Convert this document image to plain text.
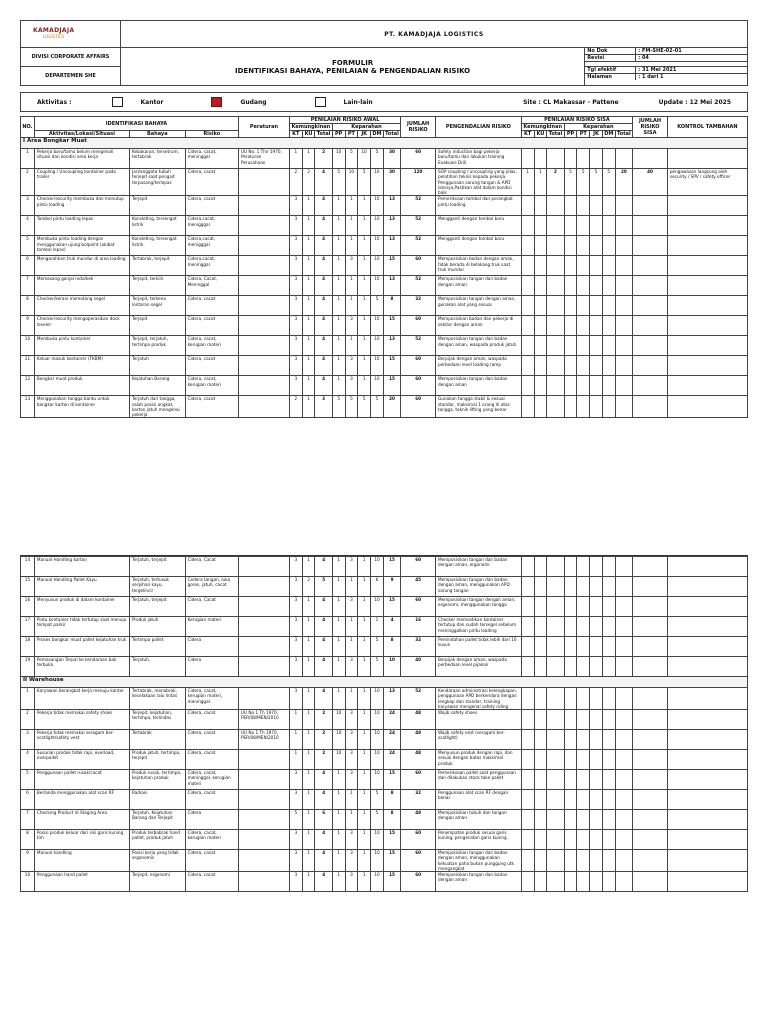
KAMADJAJA
LOGISTICS	PT. KAMADJAJA LOGISTICS
DIVISI CORPORATE AFFAIRS	
FORMULIR
IDENTIFIKASI BAHAYA, PENILAIAN & PENGENDALIAN RISIKO

No Dok	: FM-SHE-02-01
Revisi	: 04

DEPARTEMEN SHE	
Tgl efektif	: 31 Mei 2021
Halaman	: 1 dari 1
Aktivitas :	Kantor	Gudang	Lain-lain	Site : CL Makassar - Pattene	Update : 12 Mei 2025
NO.	IDENTIFIKASI BAHAYA			Peraturan	PENILAIAN RISIKO AWAL								JUMLAH RISIKO	PENGENDALIAN RISIKO	PENILAIAN RISIKO SISA								JUMLAH RISIKO SISA	KONTROL TAMBAHAN
					Kemungkinan			Keparahan							Kemungkinan			Keparahan						
	Aktivitas/Lokasi/Situasi	Bahaya	Risiko		KT	KU	Total	PP	PT	JK	DM	Total			KT	KU	Total	PP	PT	JK	DM	Total		
I Area Bongkar Muat																								
1	Pekerja baru/tamu belum mengenali situasi dan kondisi area kerja	Kebakaran, tersetrum, tertabrak	Cidera, cacat, meninggal	UU No. 1 Thn 1970, Peraturan Perusahaan	1	1	2	10	5	10	5	30	60	Safety induction bagi pekerja baru/tamu dan lakukan training Evakuasi Drill										
2	Coupling / Uncoupling kontainer pada trailer	Jari/anggota tubuh terjepit saat pengait terpasang/terlepas	Cidera, cacat		2	2	4	5	10	5	10	30	120	SOP coupling / uncoupling yang jelas, pelatihan teknis kepada pekerja. Penggunaan sarung tangan & APD lainnya,Pastikan alat dalam kondisi baik	1	1	2	5	5	5	5	20	40	pengawasan langsung oleh security / SPV / safety officer
3	Checker/security membuka dan menutup pintu loading	Terjepit	Cidera, cacat		3	1	4	1	1	1	10	13	52	Pemeriksaan tombol dan perangkat pintu loading										
4	Tombol pintu loading lepas	Konsleting, tersengat listrik	Cidera,cacat, menigggal		3	1	4	1	1	1	10	13	52	Mengganti dengan tombol baru										
5	Membuka pintu loading dengan menggunakan ujung bolpoint (akibat tombol lepas)	Konsleting, tersengat listrik	Cidera,cacat, menigggal		3	1	4	1	1	1	10	13	52	Mengganti dengan tombol baru										
6	Mengarahkan truk mundur di area loading	Tertabrak, terjepit	Cidera,cacat, meninggal		3	1	4	1	3	1	10	15	60	Memposisikan badan dengan aman, tidak berada di belakang truk saat truk mundur										
7	Memasang ganjal roda/kek	Terjepit, terkilir	Cidera, Cacat, Meninggal		3	1	4	1	1	1	10	13	52	Memposisikan tangan dan badan dengan aman										
8	Checker/kerani memotong segel	Terjepit, terkena lontaran segel	Cidera, cacat		3	1	4	1	1	1	5	8	32	Memposisikan tangan dengan aman, gunakan alat yang sesuai										
9	Checker/security mengoperasikan dock leveler	Terjepit	Cidera, cacat		3	1	4	1	3	1	10	15	60	Memposisikan badan dan pekerja di sekitar dengan aman										
10	Membuka pintu kontainer	Terjepit, terjatuh, tertimpa produk	Cidera, cacat, kerugian materi		3	1	4	1	1	1	10	13	52	Memposisikan tangan dan badan dengan aman, waspada produk jatuh										
11	Keluar masuk kontainer (TKBM)	Terjatuh	Cidera, cacat		3	1	4	1	3	1	10	15	60	Berpijak dengan aman, waspada perbedaan level loading ramp										
12	Bongkar muat produk	Kejatuhan Barang	Cidera, cacat, kerugian materi		3	1	4	1	3	1	10	15	60	Memposisikan tangan dan badan dengan aman										
13	Menggunakan tangga bantu untuk bongkar karton di kontainer	Terjatuh dari tangga, salah posisi angkat, karton jatuh mengenai pekerja	Cidera, cacat		2	1	3	5	5	5	5	20	60	Gunakan tangga stabil & sesuai standar, maksimal 1 orang di atas tangga, teknik lifting yang benar										
14	Manual Handling karton	Terjatuh, terjepit	Cidera, Cacat		3	1	4	1	3	1	10	15	60	Memposisikan tangan dan badan dengan aman, ergonomi										
15	Manual Handling Pallet Kayu	Terjatuh, tertusuk serpihan kayu, tergelincir	Cedera tangan, luka gores, jatuh, cacat		3	2	5	1	1	1	6	9	45	Memposisikan tangan dan badan dengan aman, menggunakan APD sarung tangan										
16	Menyusun produk di dalam kontainer	Terjatuh, terjepit	Cidera, Cacat		3	1	4	1	3	1	10	15	60	Memposisikan tangan dengan aman, ergonomi, menggunakan tangga										
17	Pintu kontainer tidak tertutup saat menuju tempat parkir	Produk jatuh	Kerugian materi		3	1	4	1	1	1	1	4	16	Checker memastikan kontainer tertutup dan sudah tersegel sebelum meninggalkan pintu loading										
18	Proses bongkar muat pallet kejatuhan truk	Tertimpa pallet	Cidera		3	1	4	1	1	1	5	8	32	Pemindahan pallet tidak lebih dari 10 susun										
19	Pemasangan Terpal ke kendaraan bak terbuka	Terjatuh,	Cidera		3	1	4	1	3	1	5	10	40	Berpijak dengan aman, waspada perbedaan level pijakan										
II Warehouse																								
1	Karyawan berangkat kerja menuju kantor	Tertabrak, menabrak, kecelakaan lalu lintas	Cidera, cacat, kerugian materi, meninggal		3	1	4	1	1	1	10	13	52	Kendaraan administrasi kelengkapan, penggunaan APD berkendara dengan lengkap dan standar, training karyawan mengenai safety riding										
2	Pekerja tidak memakai safety shoes	Terjepit, kejatuhan, tertimpa, terlindas	Cidera, cacat	UU No 1 Th 1970, PER/08/MEN/2010	1	1	2	10	3	1	10	24	48	Wajib safety shoes										
3	Pekerja tidak memakai seragam ber-scotlight/safety vest	Tertabrak	Cidera, cacat	UU No 1 Th 1970, PER/08/MEN/2010	1	1	2	10	3	1	10	24	48	Wajib safety vest (seragam ber-scotlight)										
4	Susunan produk tidak rapi, overload, overpallet	Produk jatuh, tertimpa, terjepit	Cidera, cacat		1	1	2	10	3	1	10	24	48	Menyusun produk dengan rapi, dan sesuai dengan batas maksimal produk										
5	Penggunaan pallet rusak/cacat	Produk rusak, tertimpa, kejatuhan produk	Cidera, cacat, meninggal, kerugian materi		3	1	4	1	3	1	10	15	60	Pemeriksaan pallet saat penggunaan dan dilakukan stock take pallet										
6	Berlanda menggunakan alat scan RF	Radiasi	Cidera, cacat		3	1	4	1	1	1	5	8	32	Penggunaan alat scan RF dengan benar										
7	Checking Product di Staging Area	Terjatuh, Kejatuhan Barang dan Terjepit	Cidera		5	1	6	1	1	1	5	8	48	Memposisikan tubuh dan tangan dengan aman										
8	Posisi produk keluar dari sisi garis kuning tim	Produk terbabrak hand pallet, produk jatuh	Cidera, cacat, kerugian materi		3	1	4	1	3	1	10	15	60	Penempatan produk sesuai garis kuning, pengecatan garis kuning										
9	Manual handling	Posisi kerja yang tidak ergonomis	Cidera, cacat		3	1	4	1	3	1	10	15	60	Memposisikan tangan dan badan dengan aman, menggunakan kekuatan paha bukan punggung utk mengangkat										
10	Penggunaan hand pallet	Terjepit, ergonomi	Cidera, cacat		3	1	4	1	3	1	10	15	60	Memposisikan tangan dan badan dengan aman										
